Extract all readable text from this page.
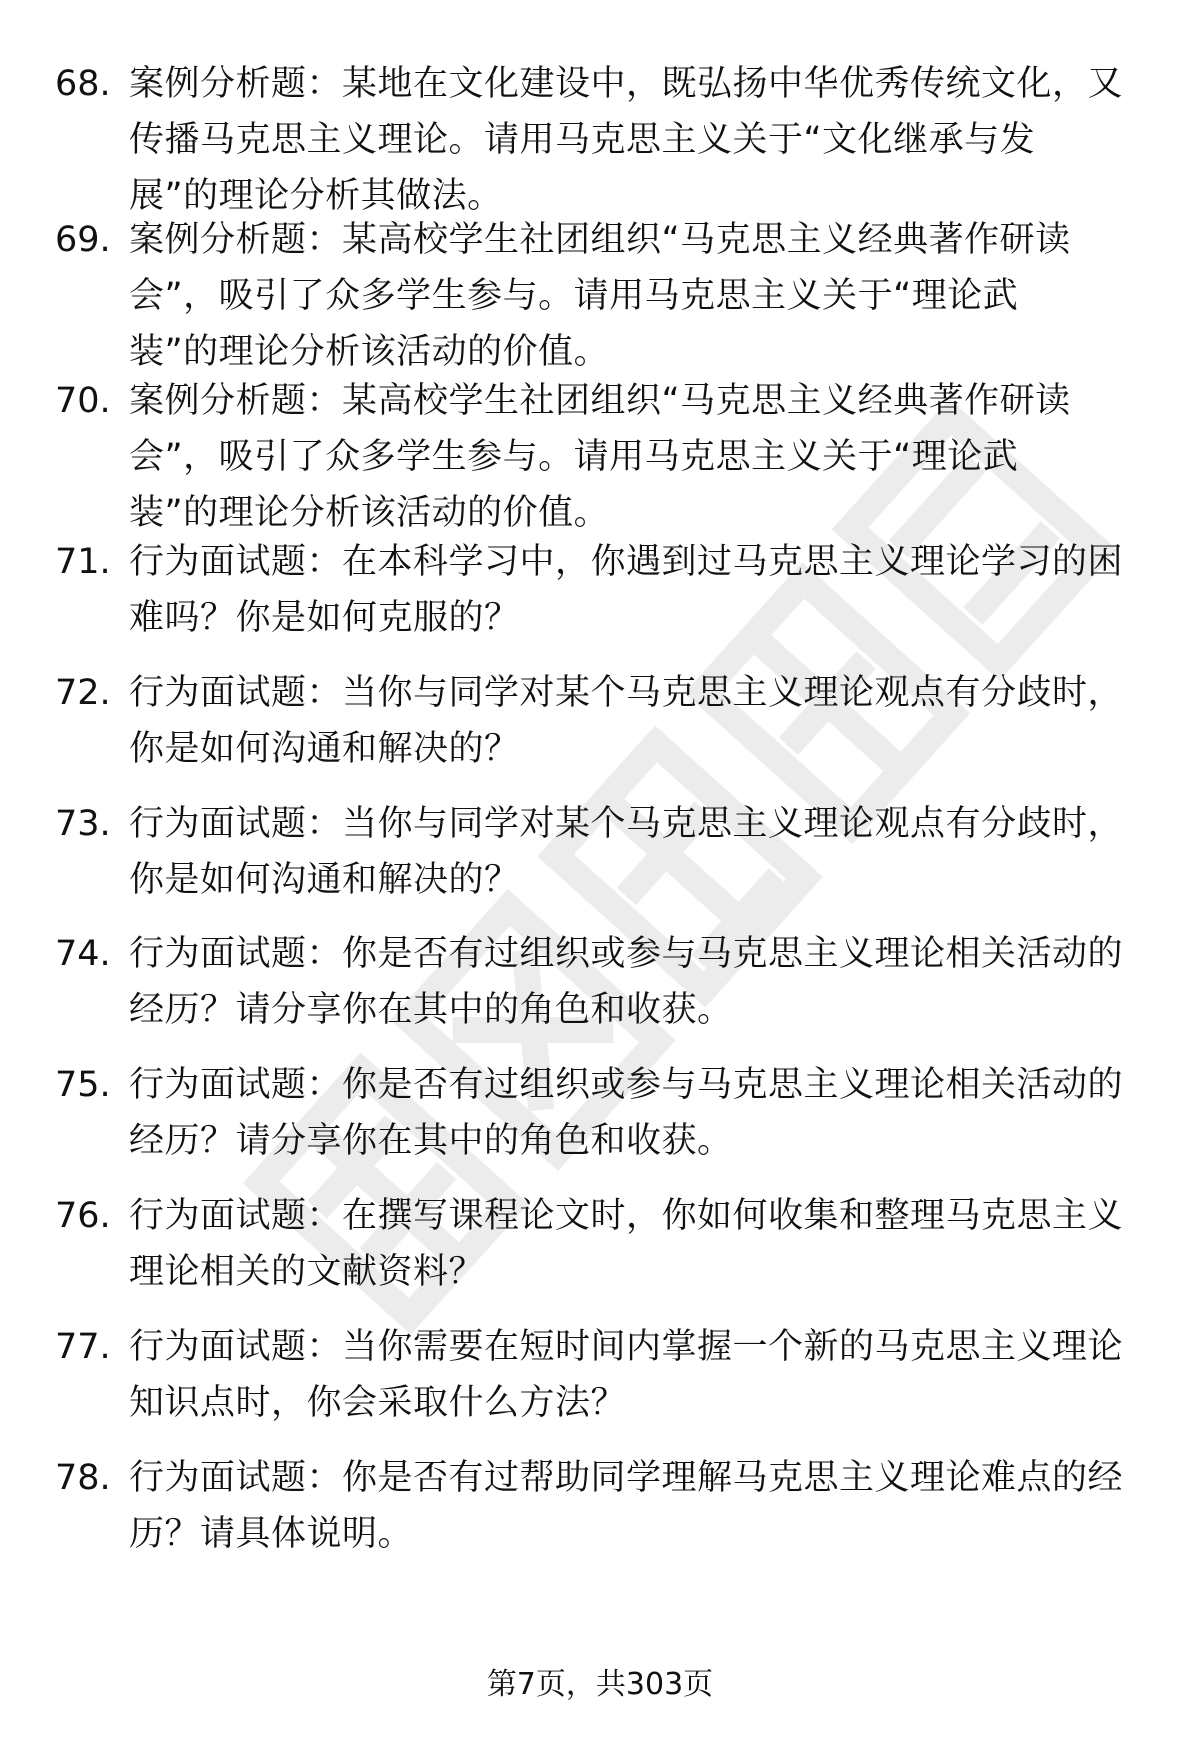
68. 案例分析题：某地在文化建设中，既弘扬中华优秀传统文化，又
传播马克思主义理论。请用马克思主义关于“文化继承与发
展”的理论分析其做法。
69. 案例分析题：某高校学生社团组织“马克思主义经典著作研读
会”，吸引了众多学生参与。请用马克思主义关于“理论武
装”的理论分析该活动的价值。
70. 案例分析题：某高校学生社团组织“马克思主义经典著作研读
会”，吸引了众多学生参与。请用马克思主义关于“理论武
装”的理论分析该活动的价值。
71. 行为面试题：在本科学习中，你遇到过马克思主义理论学习的困
难吗？你是如何克服的？
72. 行为面试题：当你与同学对某个马克思主义理论观点有分歧时，
你是如何沟通和解决的？
73. 行为面试题：当你与同学对某个马克思主义理论观点有分歧时，
你是如何沟通和解决的？
74. 行为面试题：你是否有过组织或参与马克思主义理论相关活动的
经历？请分享你在其中的角色和收获。
75. 行为面试题：你是否有过组织或参与马克思主义理论相关活动的
经历？请分享你在其中的角色和收获。
76. 行为面试题：在撰写课程论文时，你如何收集和整理马克思主义
理论相关的文献资料？
77. 行为面试题：当你需要在短时间内掌握一个新的马克思主义理论
知识点时，你会采取什么方法？
78. 行为面试题：你是否有过帮助同学理解马克思主义理论难点的经
历？请具体说明。
第7页，共303页
